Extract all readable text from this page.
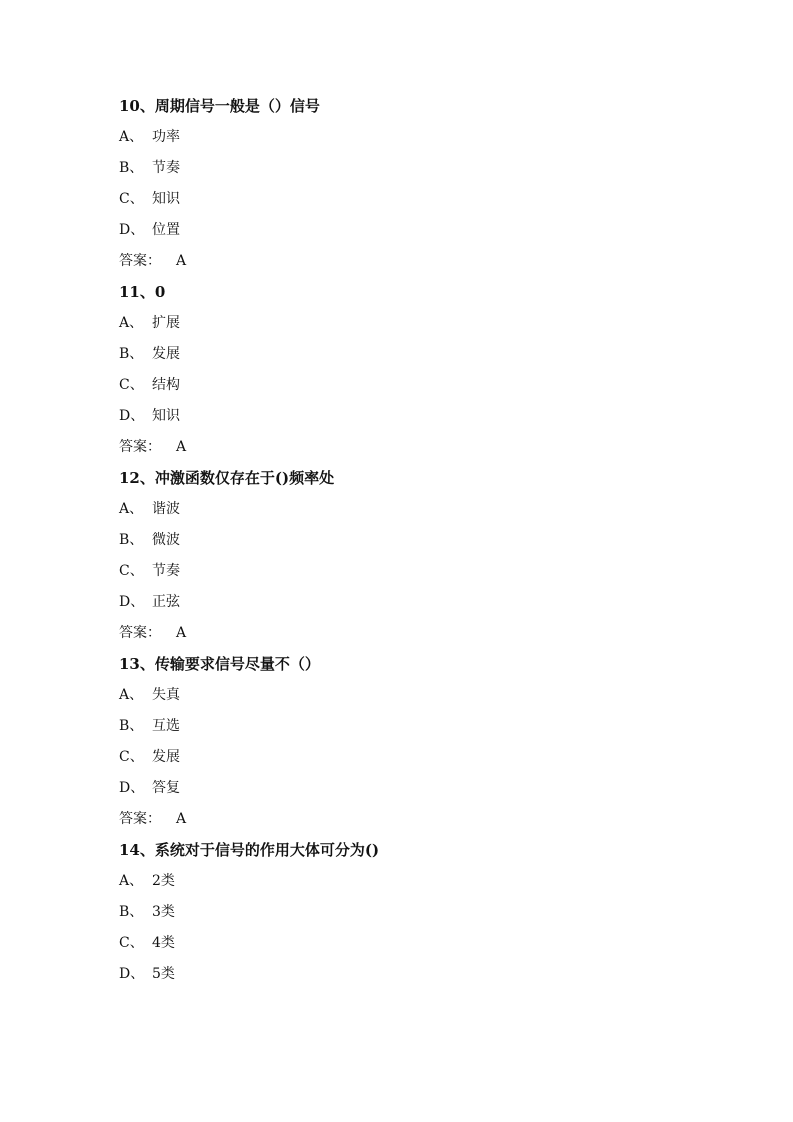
10、周期信号一般是（）信号
A、 功率
B、 节奏
C、 知识
D、 位置
答案：	A
11、0
A、 扩展
B、 发展
C、 结构
D、 知识
答案：	A
12、冲激函数仅存在于()频率处
A、 谐波
B、 微波
C、 节奏
D、 正弦
答案：	A
13、传输要求信号尽量不（）
A、 失真
B、 互选
C、 发展
D、 答复
答案：	A
14、系统对于信号的作用大体可分为()
A、 2类
B、 3类
C、 4类
D、 5类
